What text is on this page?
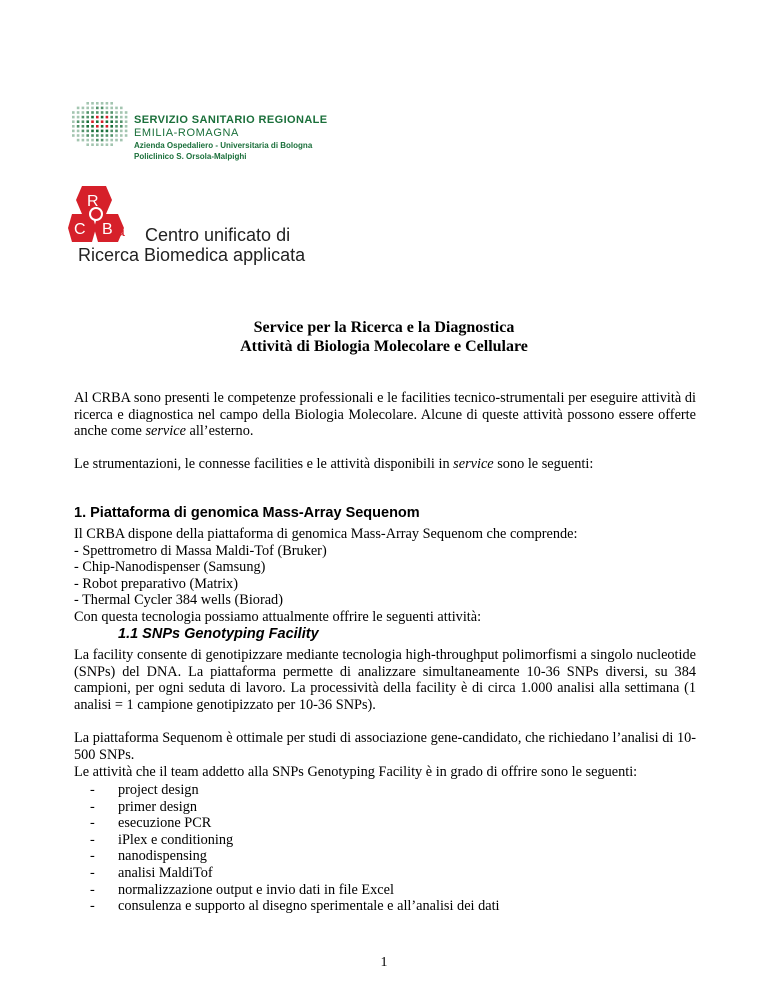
SERVIZIO SANITARIO REGIONALE
EMILIA-ROMAGNA
Azienda Ospedaliero - Universitaria di Bologna
Policlinico S. Orsola-Malpighi
R
C B a	Centro unificato di
Ricerca Biomedica applicata
Service per la Ricerca e la Diagnostica
Attività di Biologia Molecolare e Cellulare
Al CRBA sono presenti le competenze professionali e le facilities tecnico-strumentali per eseguire attività di ricerca e diagnostica nel campo della Biologia Molecolare. Alcune di queste attività possono essere offerte anche come service all’esterno.
Le strumentazioni, le connesse facilities e le attività disponibili in service sono le seguenti:
1. Piattaforma di genomica Mass-Array Sequenom
Il CRBA dispone della piattaforma di genomica Mass-Array Sequenom che comprende:
- Spettrometro di Massa Maldi-Tof (Bruker)
- Chip-Nanodispenser (Samsung)
- Robot preparativo (Matrix)
- Thermal Cycler 384 wells (Biorad)
Con questa tecnologia possiamo attualmente offrire le seguenti attività:
1.1 SNPs Genotyping Facility
La facility consente di genotipizzare mediante tecnologia high-throughput polimorfismi a singolo nucleotide (SNPs) del DNA. La piattaforma permette di analizzare simultaneamente 10-36 SNPs diversi, su 384 campioni, per ogni seduta di lavoro. La processività della facility è di circa 1.000 analisi alla settimana (1 analisi = 1 campione genotipizzato per 10-36 SNPs).
La piattaforma Sequenom è ottimale per studi di associazione gene-candidato, che richiedano l’analisi di 10-500 SNPs.
Le attività che il team addetto alla SNPs Genotyping Facility è in grado di offrire sono le seguenti:
- project design
- primer design
- esecuzione PCR
- iPlex e conditioning
- nanodispensing
- analisi MaldiTof
- normalizzazione output e invio dati in file Excel
- consulenza e supporto al disegno sperimentale e all’analisi dei dati
1
